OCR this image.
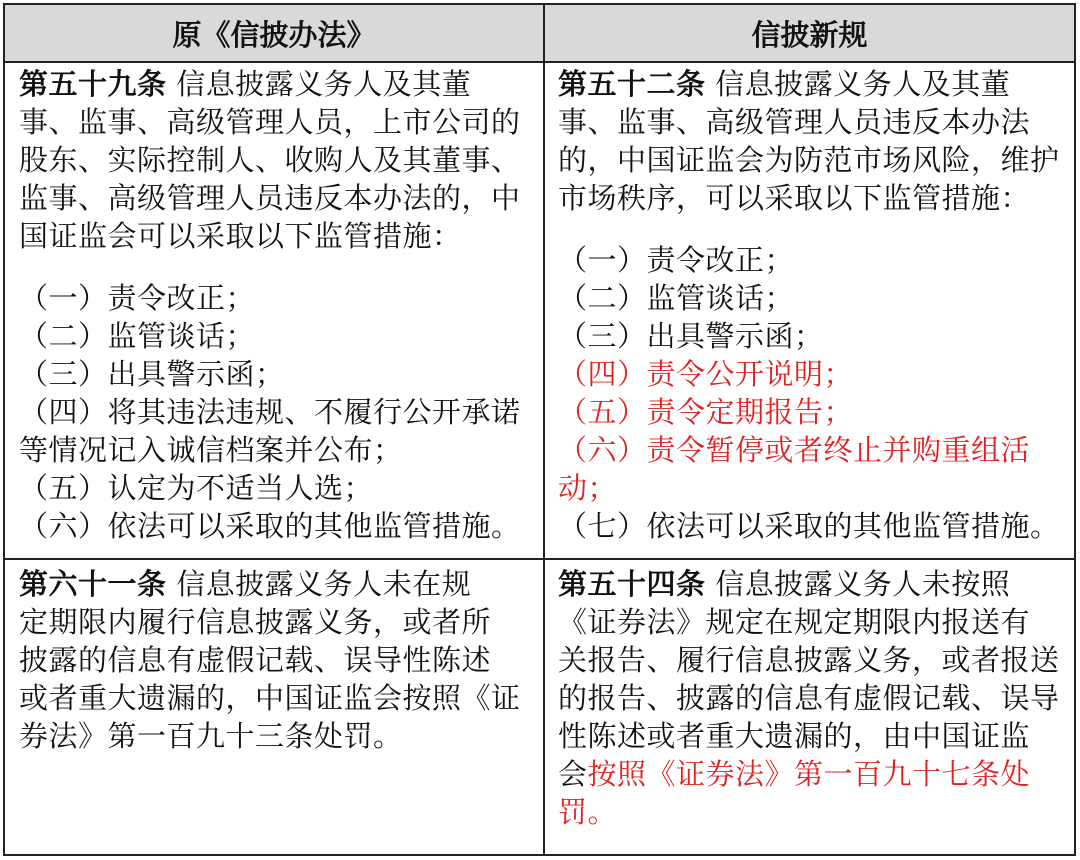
原《信披办法》	信披新规
第五十九条 信息披露义务人及其董
事、监事、高级管理人员，上市公司的
股东、实际控制人、收购人及其董事、
监事、高级管理人员违反本办法的，中
国证监会可以采取以下监管措施：
（一）责令改正；
（二）监管谈话；
（三）出具警示函；
（四）将其违法违规、不履行公开承诺
等情况记入诚信档案并公布；
（五）认定为不适当人选；
（六）依法可以采取的其他监管措施。
第五十二条 信息披露义务人及其董
事、监事、高级管理人员违反本办法
的，中国证监会为防范市场风险，维护
市场秩序，可以采取以下监管措施：
（一）责令改正；
（二）监管谈话；
（三）出具警示函；
（四）责令公开说明；
（五）责令定期报告；
（六）责令暂停或者终止并购重组活
动；
（七）依法可以采取的其他监管措施。
第六十一条 信息披露义务人未在规
定期限内履行信息披露义务，或者所
披露的信息有虚假记载、误导性陈述
或者重大遗漏的，中国证监会按照《证
券法》第一百九十三条处罚。
第五十四条 信息披露义务人未按照
《证券法》规定在规定期限内报送有
关报告、履行信息披露义务，或者报送
的报告、披露的信息有虚假记载、误导
性陈述或者重大遗漏的，由中国证监
会按照《证券法》第一百九十七条处
罚。
